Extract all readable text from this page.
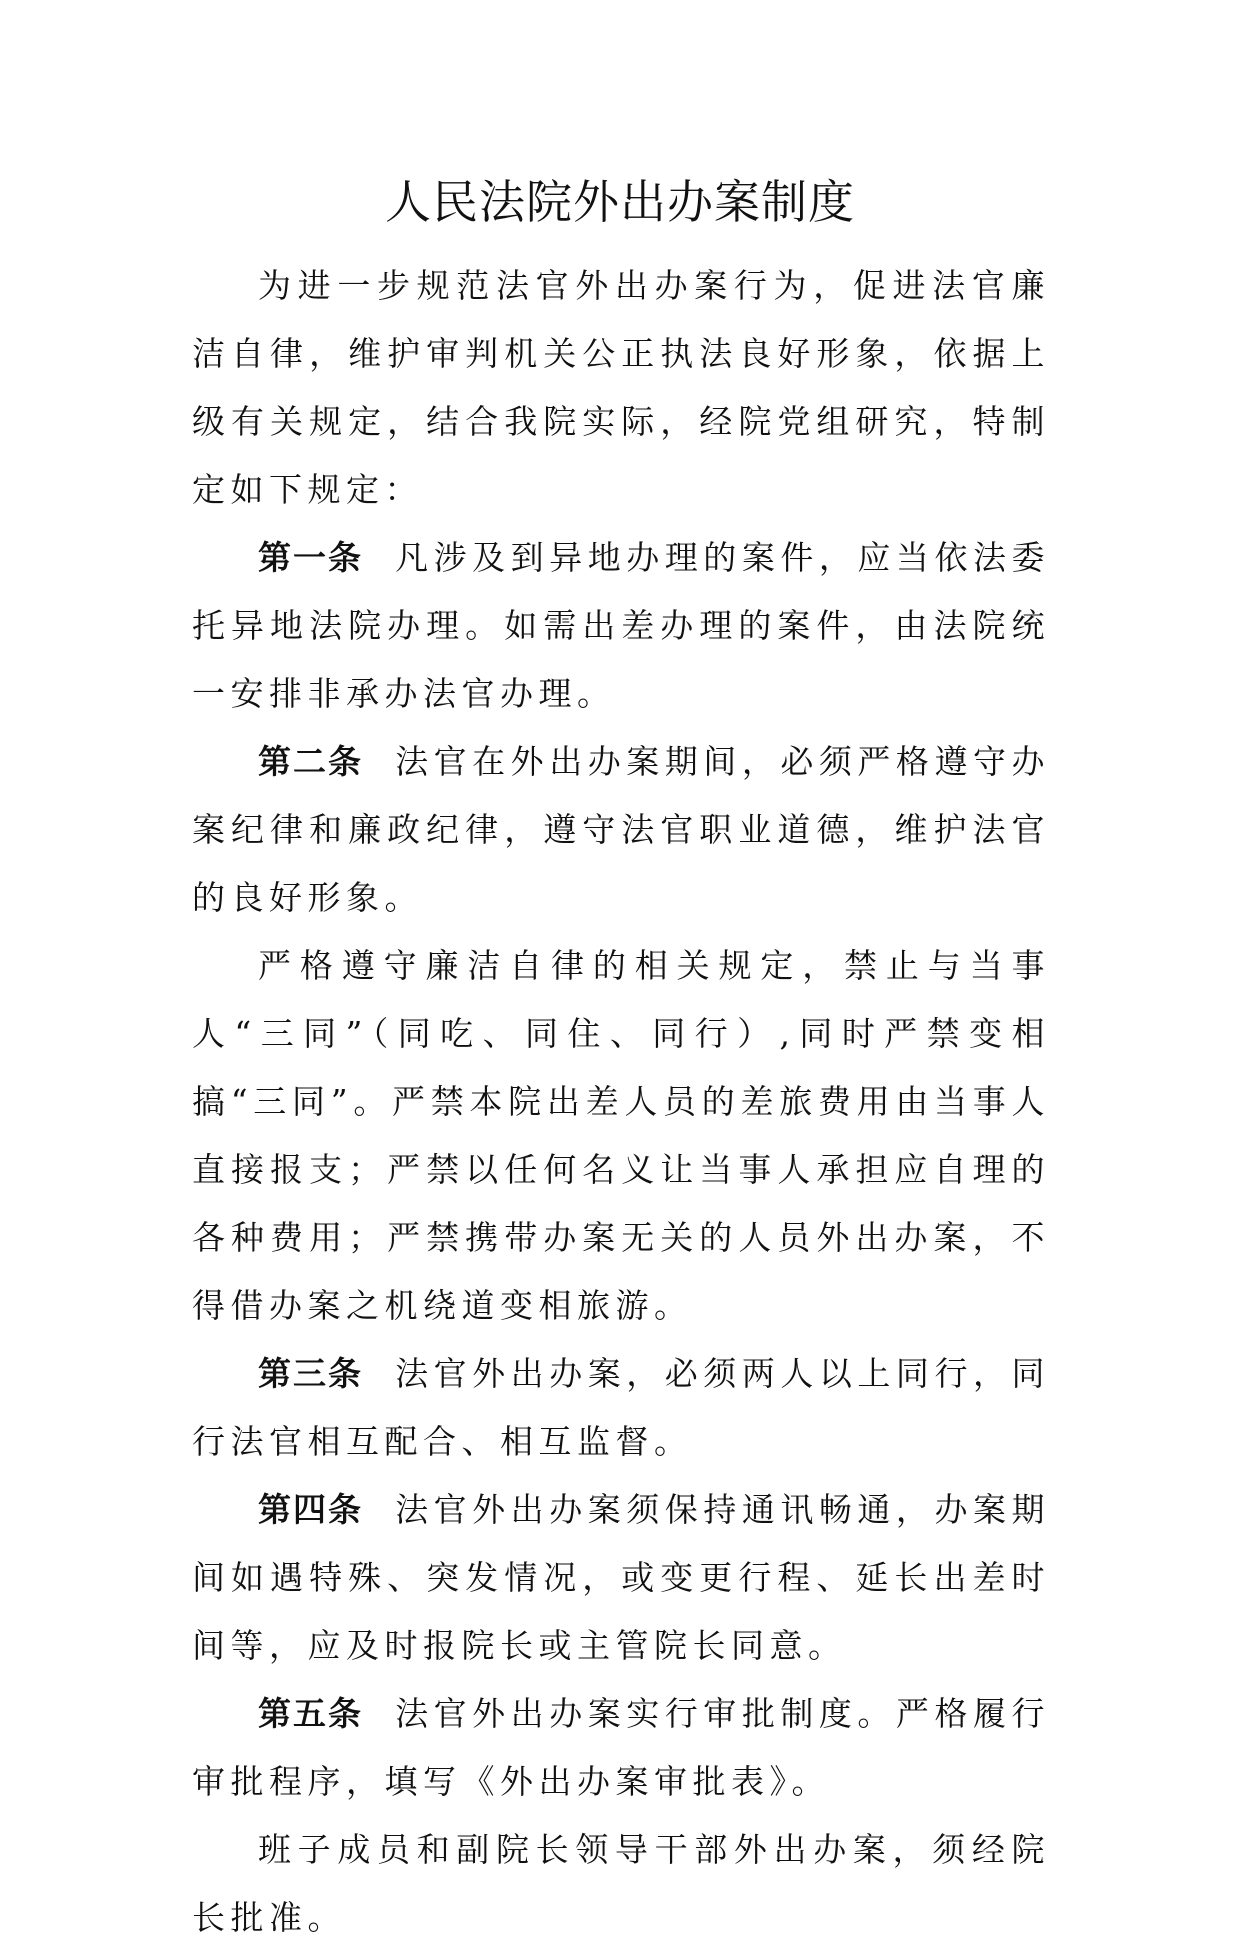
人民法院外出办案制度

为进一步规范法官外出办案行为，促进法官廉洁自律，维护审判机关公正执法良好形象，依据上级有关规定，结合我院实际，经院党组研究，特制定如下规定：

第一条 凡涉及到异地办理的案件，应当依法委托异地法院办理。如需出差办理的案件，由法院统一安排非承办法官办理。

第二条 法官在外出办案期间，必须严格遵守办案纪律和廉政纪律，遵守法官职业道德，维护法官的良好形象。

严格遵守廉洁自律的相关规定，禁止与当事人“三同”（同吃、同住、同行）,同时严禁变相搞“三同”。严禁本院出差人员的差旅费用由当事人直接报支；严禁以任何名义让当事人承担应自理的各种费用；严禁携带办案无关的人员外出办案，不得借办案之机绕道变相旅游。

第三条 法官外出办案，必须两人以上同行，同行法官相互配合、相互监督。

第四条 法官外出办案须保持通讯畅通，办案期间如遇特殊、突发情况，或变更行程、延长出差时间等，应及时报院长或主管院长同意。

第五条 法官外出办案实行审批制度。严格履行审批程序，填写《外出办案审批表》。

班子成员和副院长领导干部外出办案，须经院长批准。
